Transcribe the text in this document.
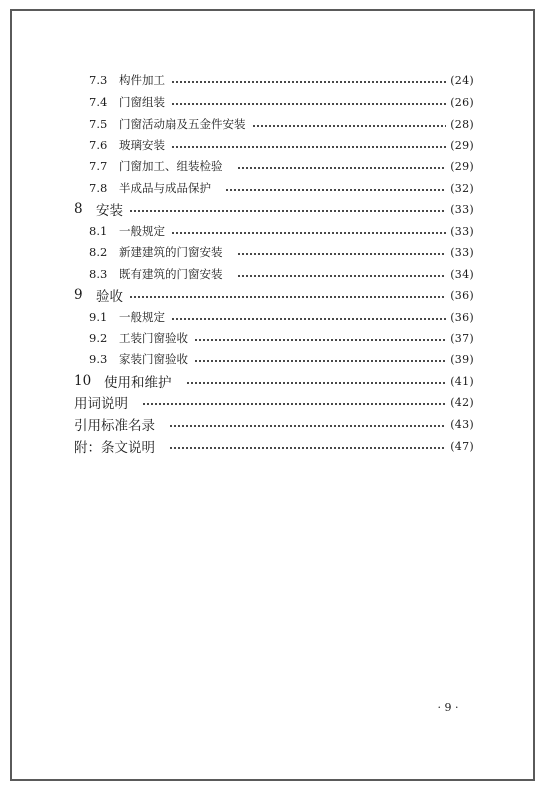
7.3	构件加工	(24)
7.4	门窗组装	(26)
7.5	门窗活动扇及五金件安装	(28)
7.6	玻璃安装	(29)
7.7	门窗加工、组装检验	(29)
7.8	半成品与成品保护	(32)
8 安装	(33)
8.1	一般规定	(33)
8.2	新建建筑的门窗安装	(33)
8.3	既有建筑的门窗安装	(34)
9 验收	(36)
9.1	一般规定	(36)
9.2	工装门窗验收	(37)
9.3	家装门窗验收	(39)
10 使用和维护	(41)
用词说明	(42)
引用标准名录	(43)
附：条文说明	(47)
· 9 ·
